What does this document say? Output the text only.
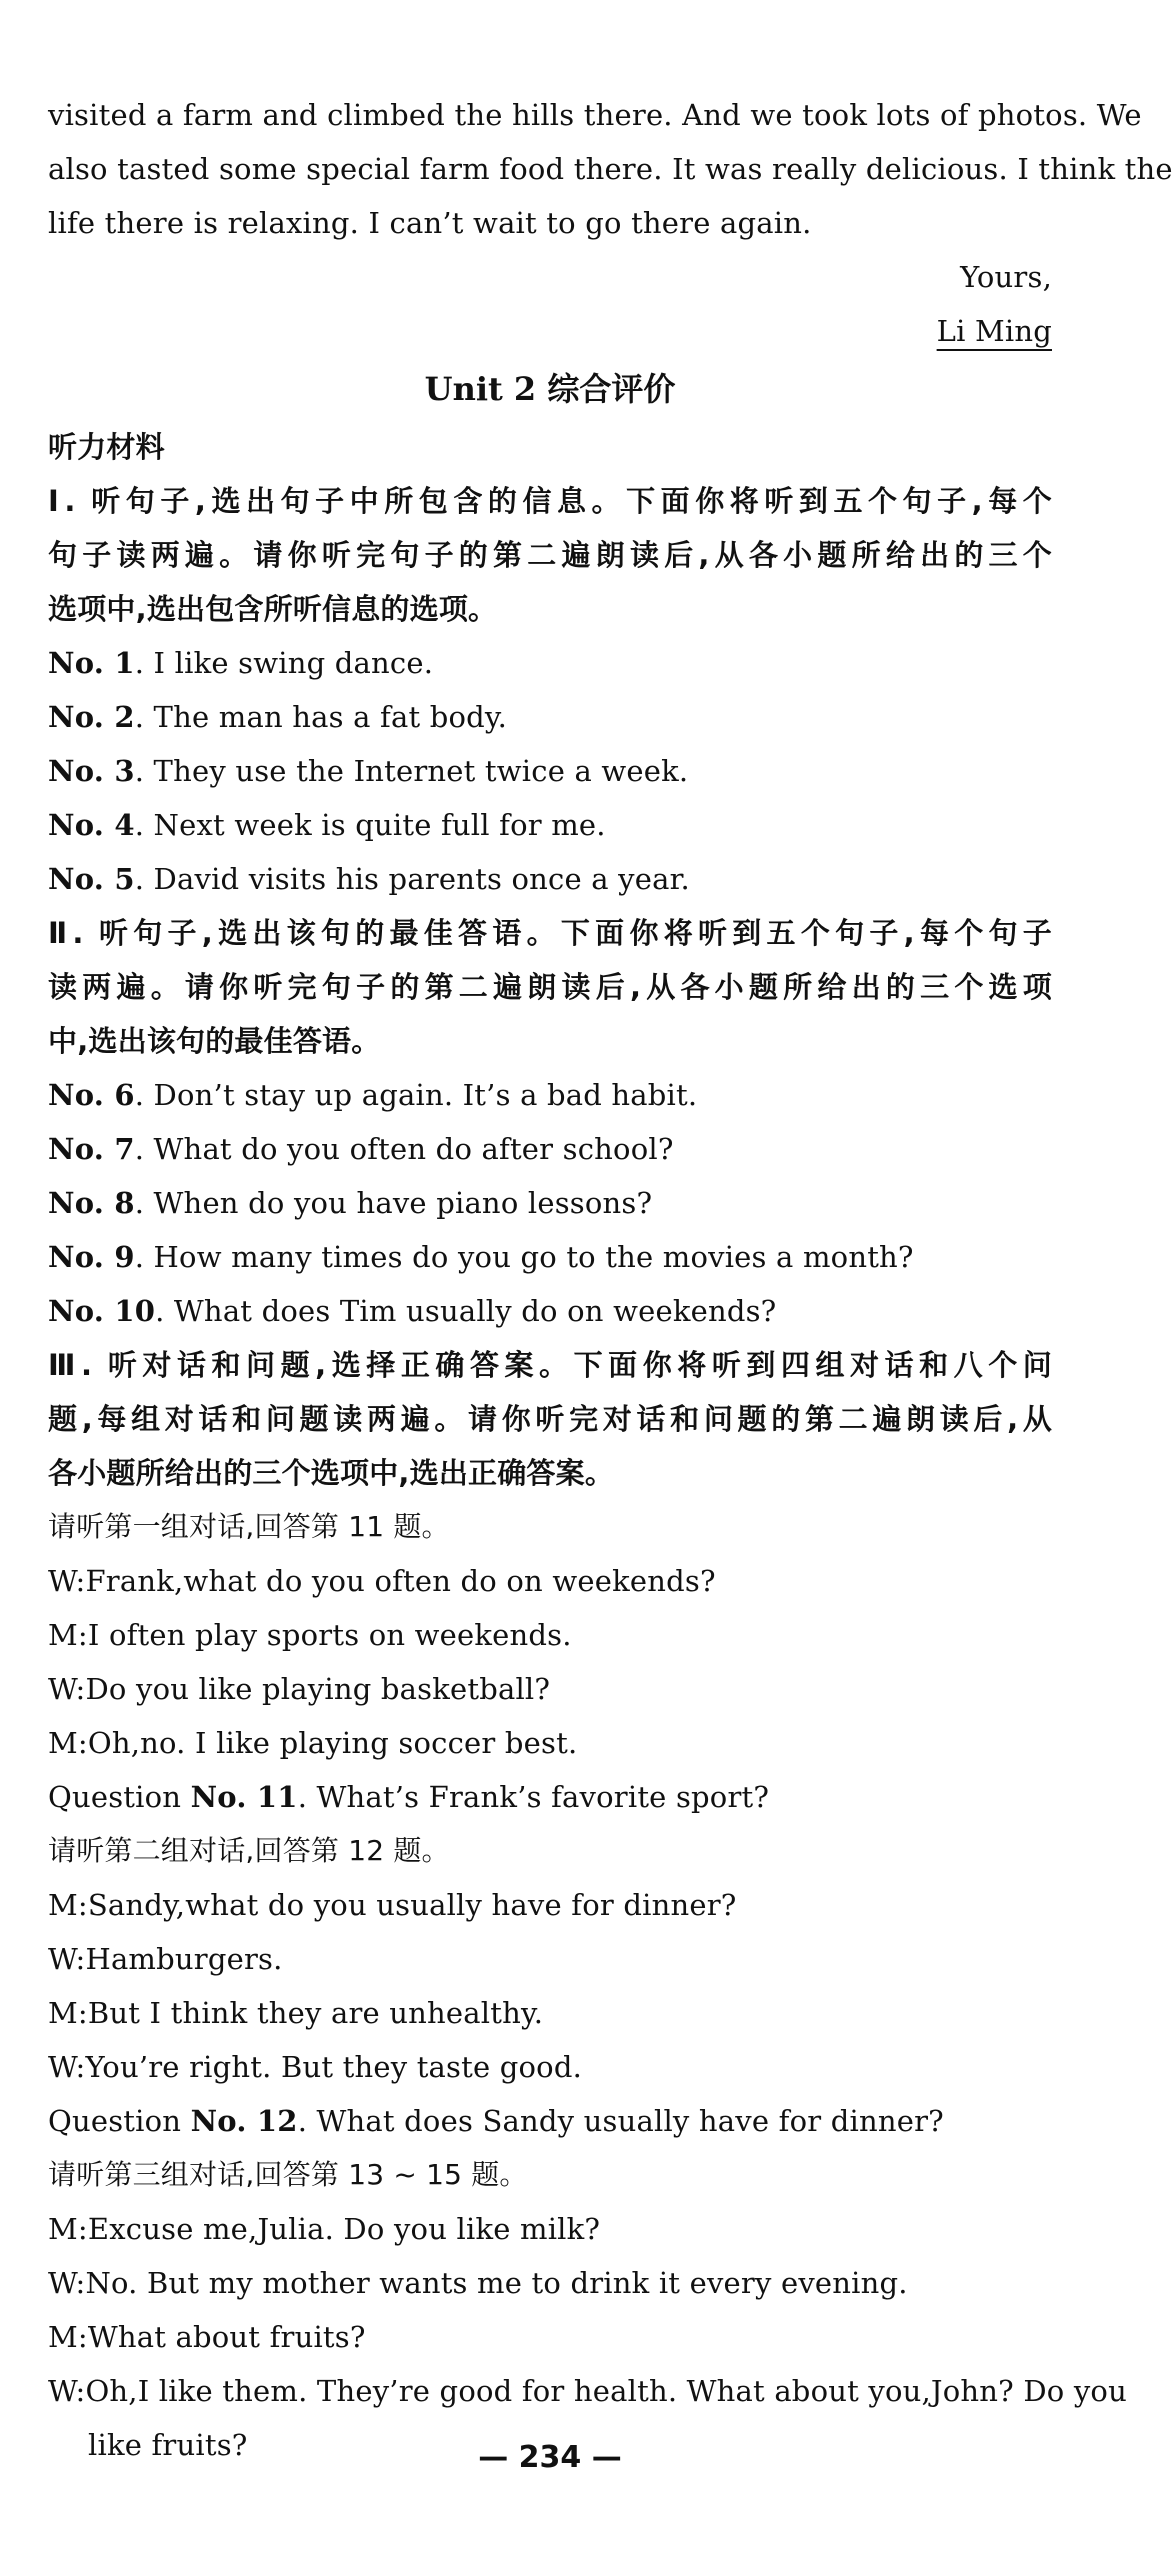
visited a farm and climbed the hills there. And we took lots of photos. We
also tasted some special farm food there. It was really delicious. I think the
life there is relaxing. I can’t wait to go there again.
Yours,
Li Ming
Unit 2 综合评价
听力材料
Ⅰ. 听句子,选出句子中所包含的信息。下面你将听到五个句子,每个
句子读两遍。请你听完句子的第二遍朗读后,从各小题所给出的三个
选项中,选出包含所听信息的选项。
No. 1. I like swing dance.
No. 2. The man has a fat body.
No. 3. They use the Internet twice a week.
No. 4. Next week is quite full for me.
No. 5. David visits his parents once a year.
Ⅱ. 听句子,选出该句的最佳答语。下面你将听到五个句子,每个句子
读两遍。请你听完句子的第二遍朗读后,从各小题所给出的三个选项
中,选出该句的最佳答语。
No. 6. Don’t stay up again. It’s a bad habit.
No. 7. What do you often do after school?
No. 8. When do you have piano lessons?
No. 9. How many times do you go to the movies a month?
No. 10. What does Tim usually do on weekends?
Ⅲ. 听对话和问题,选择正确答案。下面你将听到四组对话和八个问
题,每组对话和问题读两遍。请你听完对话和问题的第二遍朗读后,从
各小题所给出的三个选项中,选出正确答案。
请听第一组对话,回答第 11 题。
W:Frank,what do you often do on weekends?
M:I often play sports on weekends.
W:Do you like playing basketball?
M:Oh,no. I like playing soccer best.
Question No. 11. What’s Frank’s favorite sport?
请听第二组对话,回答第 12 题。
M:Sandy,what do you usually have for dinner?
W:Hamburgers.
M:But I think they are unhealthy.
W:You’re right. But they taste good.
Question No. 12. What does Sandy usually have for dinner?
请听第三组对话,回答第 13 ~ 15 题。
M:Excuse me,Julia. Do you like milk?
W:No. But my mother wants me to drink it every evening.
M:What about fruits?
W:Oh,I like them. They’re good for health. What about you,John? Do you
like fruits?	— 234 —
